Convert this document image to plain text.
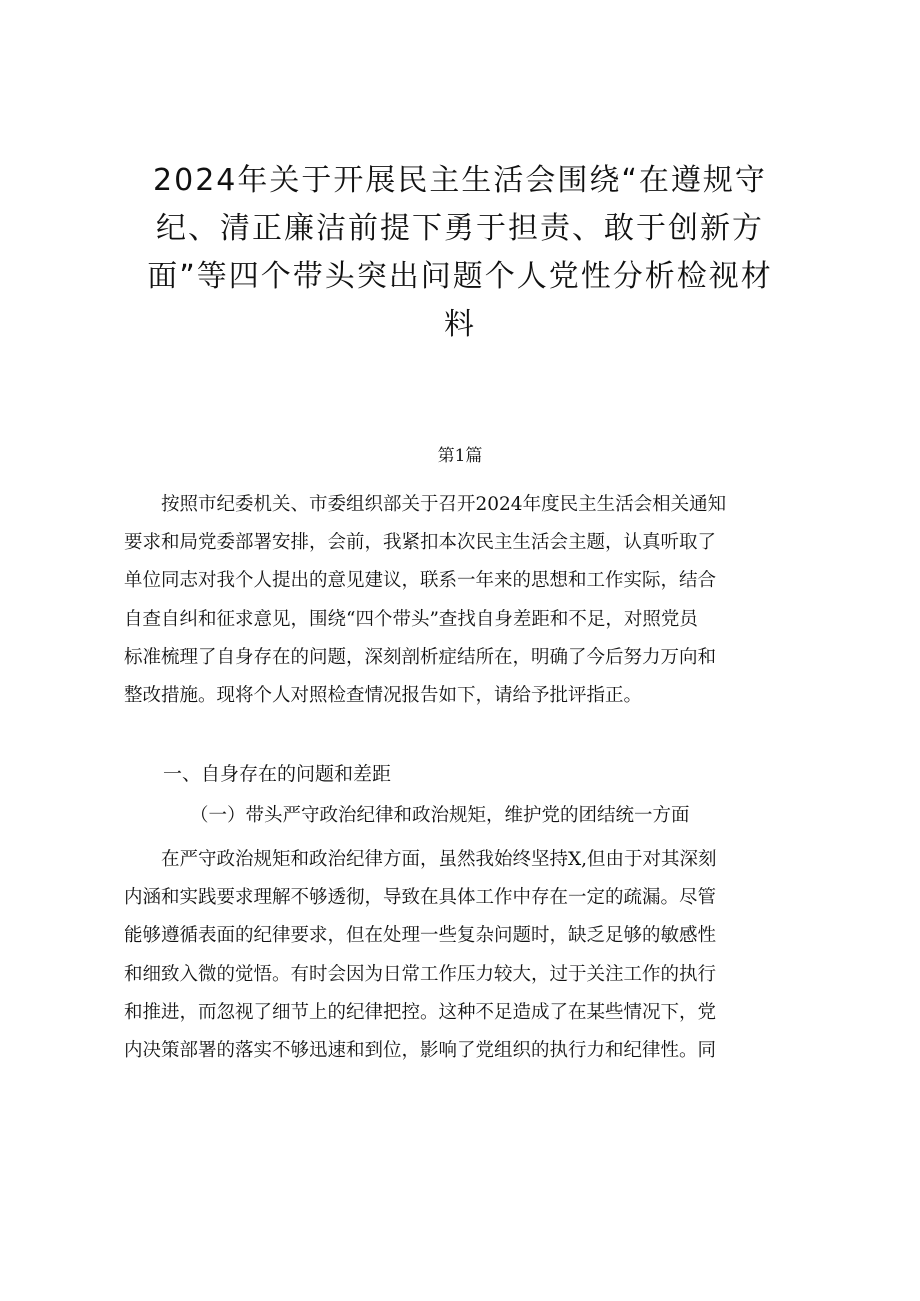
2024年关于开展民主生活会围绕“在遵规守
纪、清正廉洁前提下勇于担责、敢于创新方
面”等四个带头突出问题个人党性分析检视材
料
第1篇
按照市纪委机关、市委组织部关于召开2024年度民主生活会相关通知
要求和局党委部署安排，会前，我紧扣本次民主生活会主题，认真听取了
单位同志对我个人提出的意见建议，联系一年来的思想和工作实际，结合
自查自纠和征求意见，围绕“四个带头”查找自身差距和不足，对照党员
标准梳理了自身存在的问题，深刻剖析症结所在，明确了今后努力万向和
整改措施。现将个人对照检查情况报告如下，请给予批评指正。
一、自身存在的问题和差距
（一）带头严守政治纪律和政治规矩，维护党的团结统一方面
在严守政治规矩和政治纪律方面，虽然我始终坚持X,但由于对其深刻
内涵和实践要求理解不够透彻，导致在具体工作中存在一定的疏漏。尽管
能够遵循表面的纪律要求，但在处理一些复杂问题时，缺乏足够的敏感性
和细致入微的觉悟。有时会因为日常工作压力较大，过于关注工作的执行
和推进，而忽视了细节上的纪律把控。这种不足造成了在某些情况下，党
内决策部署的落实不够迅速和到位，影响了党组织的执行力和纪律性。同
